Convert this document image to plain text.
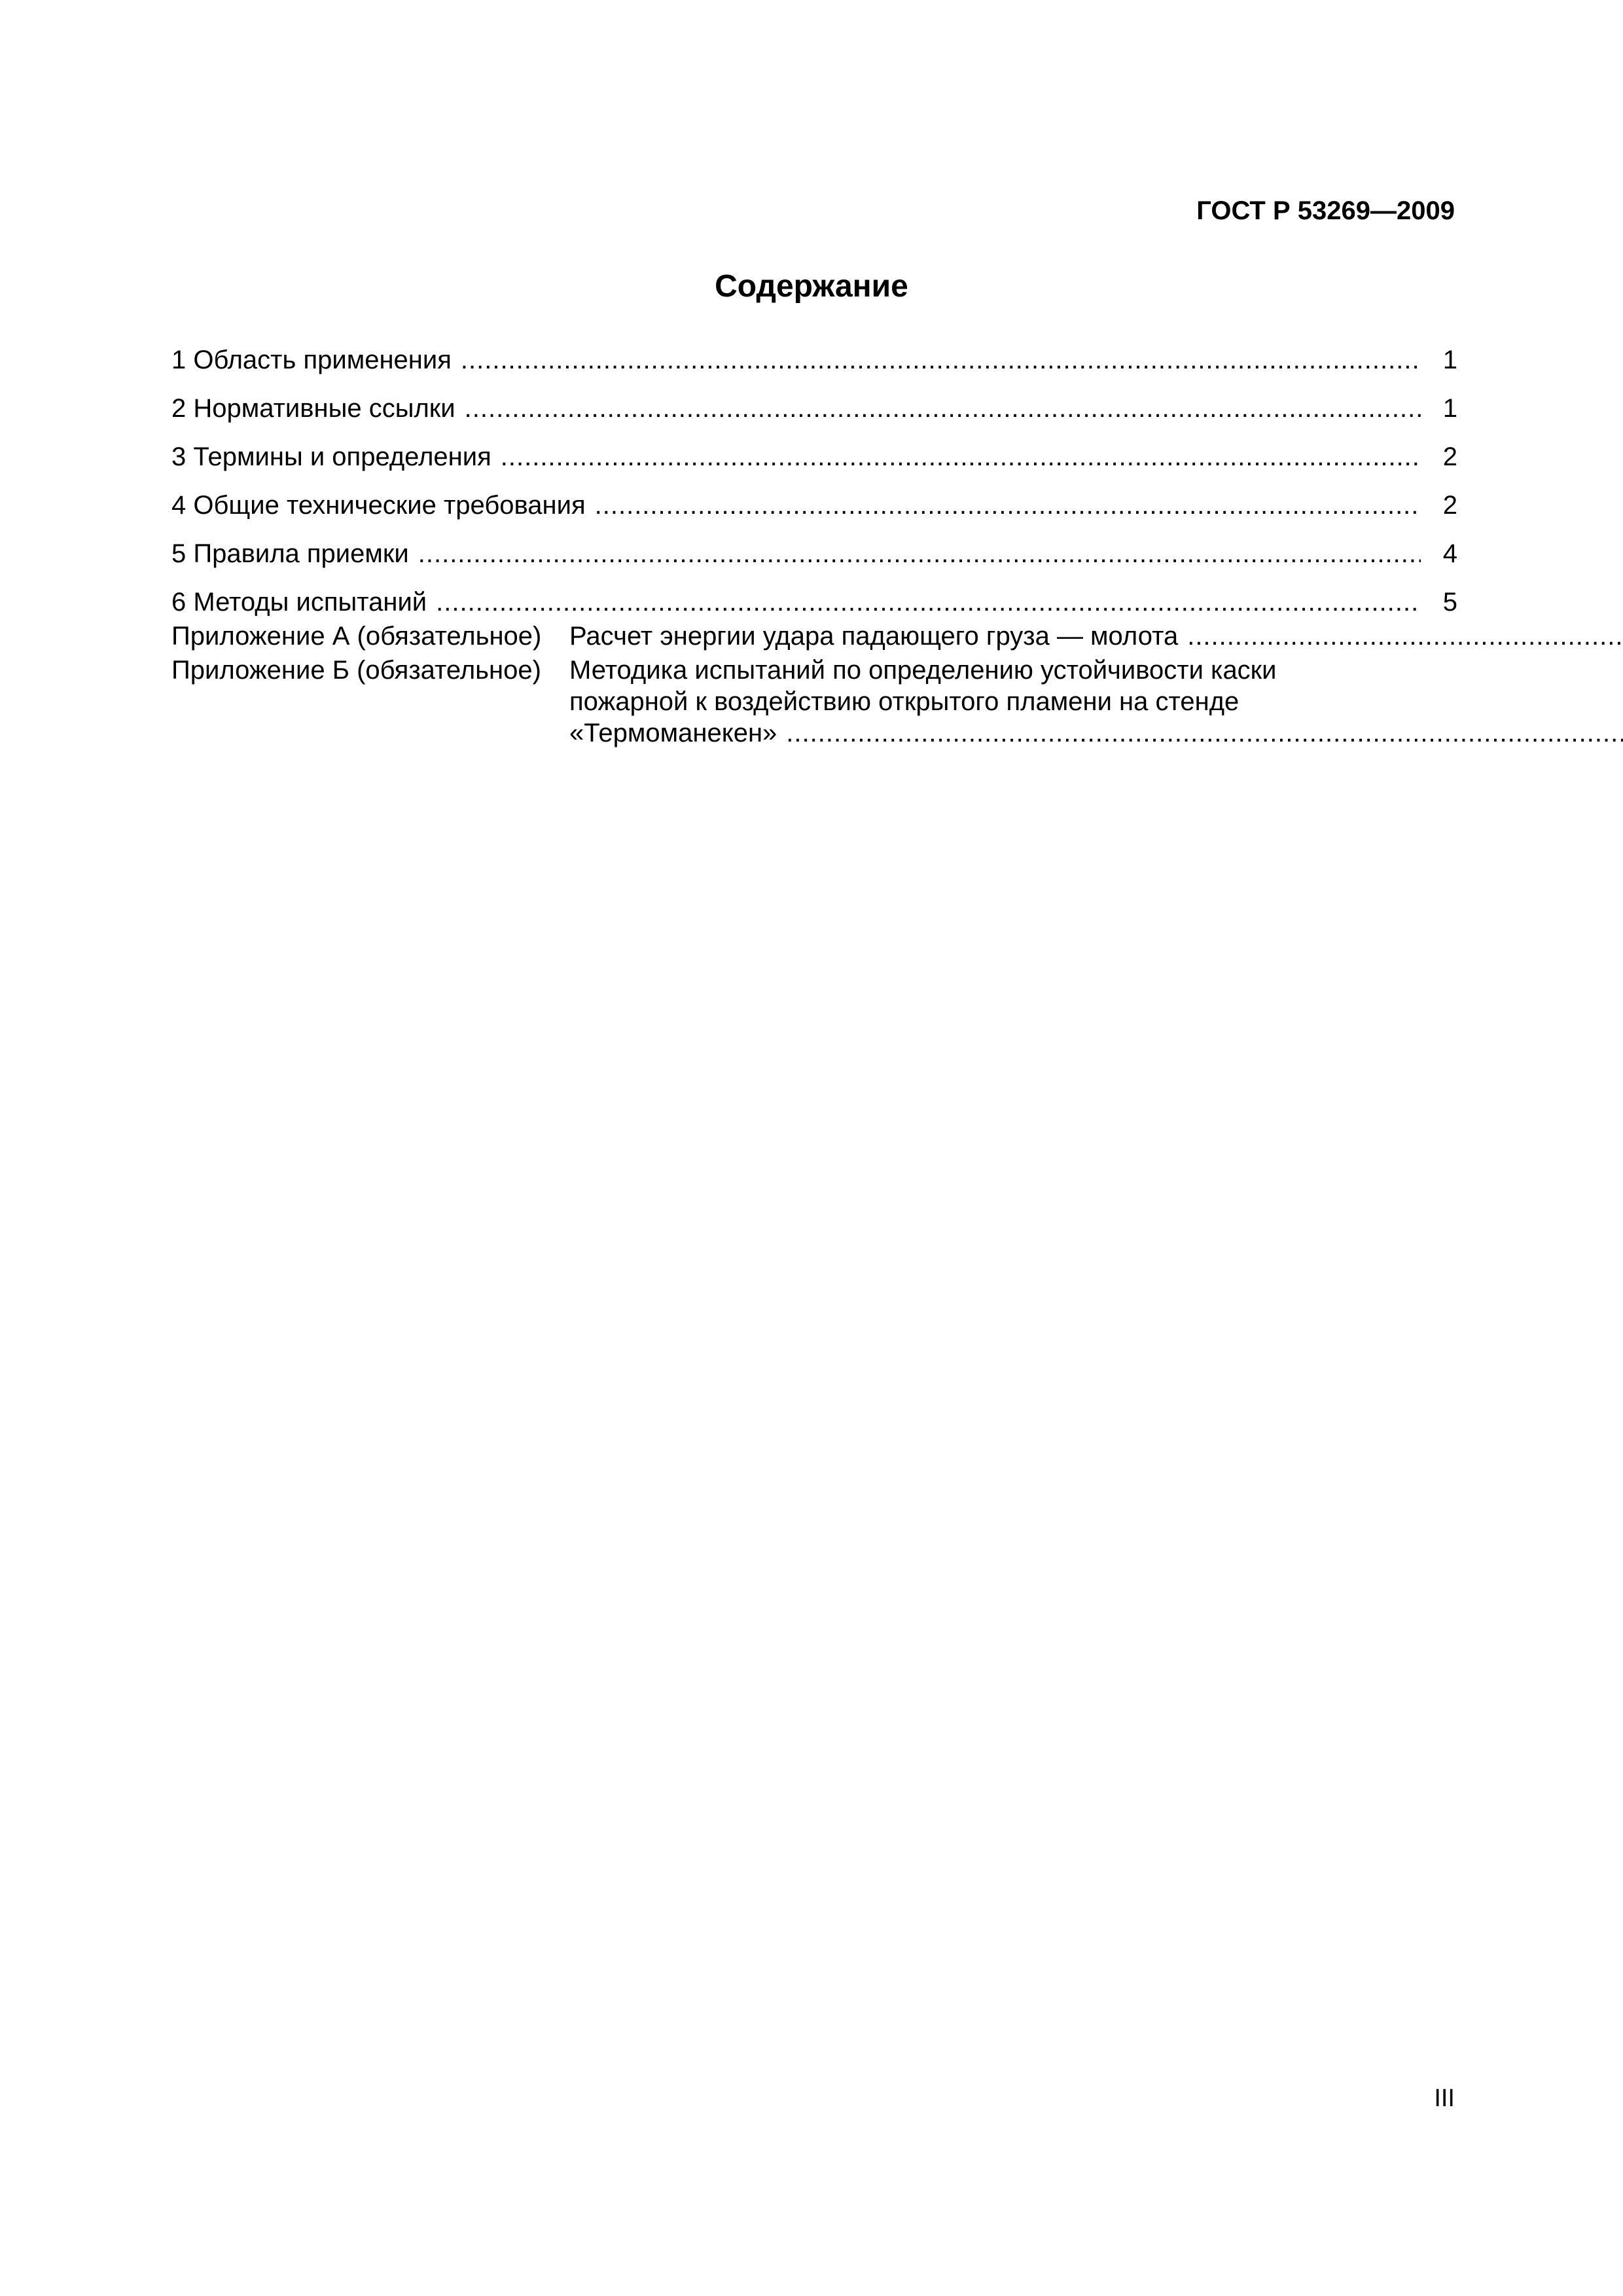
ГОСТ Р 53269—2009
Содержание
1 Область применения .....	1
2 Нормативные ссылки .....	1
3 Термины и определения .....	2
4 Общие технические требования .....	2
5 Правила приемки .....	4
6 Методы испытаний .....	5
Приложение А (обязательное)	Расчет энергии удара падающего груза — молота
.....
Приложение Б (обязательное)	Методика испытаний по определению устойчивости каски
пожарной к воздействию открытого пламени на стенде
«Термоманекен»
.....
III
